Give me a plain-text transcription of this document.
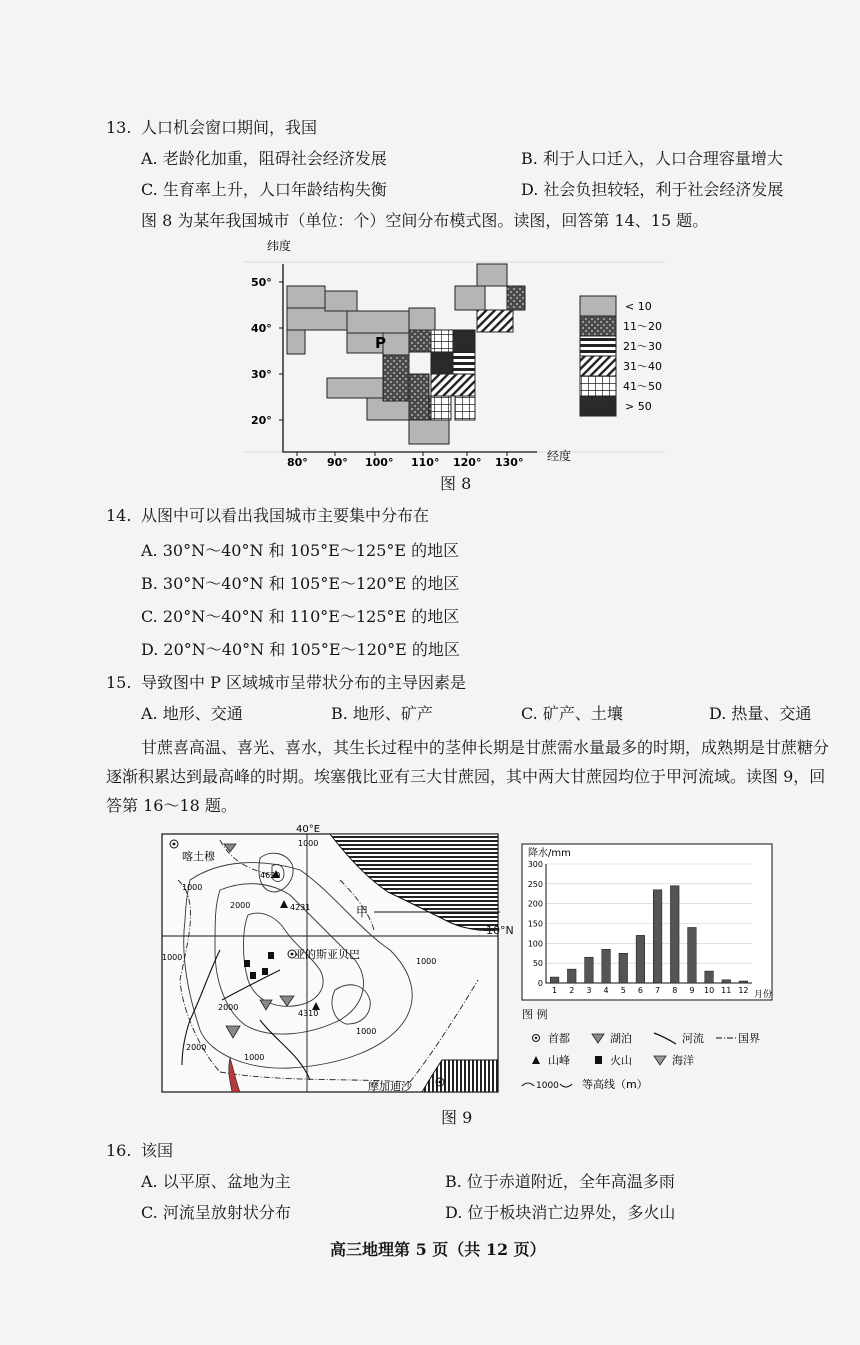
13. 人口机会窗口期间，我国
A. 老龄化加重，阻碍社会经济发展	B. 利于人口迁入，人口合理容量增大
C. 生育率上升，人口年龄结构失衡	D. 社会负担较轻，利于社会经济发展
图 8 为某年我国城市（单位：个）空间分布模式图。读图，回答第 14、15 题。
纬度
50°
40°
30°
20°
80° 90° 100° 110° 120° 130° 经度
P
< 10
11～20
21～30
31～40
41～50
> 50
图 8
14. 从图中可以看出我国城市主要集中分布在
A. 30°N～40°N 和 105°E～125°E 的地区
B. 30°N～40°N 和 105°E～120°E 的地区
C. 20°N～40°N 和 110°E～125°E 的地区
D. 20°N～40°N 和 105°E～120°E 的地区
15. 导致图中 P 区域城市呈带状分布的主导因素是
A. 地形、交通	B. 地形、矿产	C. 矿产、土壤	D. 热量、交通
甘蔗喜高温、喜光、喜水，其生长过程中的茎伸长期是甘蔗需水量最多的时期，成熟期是甘蔗糖分逐渐积累达到最高峰的时期。埃塞俄比亚有三大甘蔗园，其中两大甘蔗园均位于甲河流域。读图 9，回答第 16～18 题。
40°E
喀土穆
亚的斯亚贝巴
摩加迪沙
甲
4620
4231
4310
1000
2000
2000
1000
1000
2000
1000
1000
1000
10°N
降水/mm
0
50
100
150
200
250
300
1 2 3 4 5 6 7 8 9 10 11 12 月份
图 例
首都	湖泊	河流	国界
山峰	火山	海洋
1000 等高线（m）
图 9
16. 该国
A. 以平原、盆地为主	B. 位于赤道附近，全年高温多雨
C. 河流呈放射状分布	D. 位于板块消亡边界处，多火山
高三地理第 5 页（共 12 页）
